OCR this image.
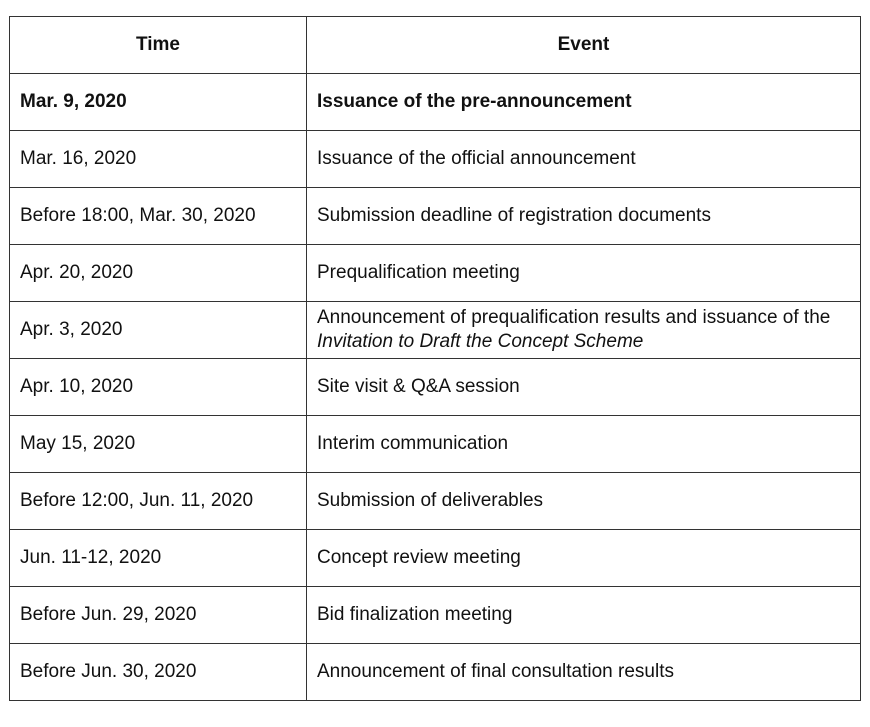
Time	Event
Mar. 9, 2020	Issuance of the pre-announcement
Mar. 16, 2020	Issuance of the official announcement
Before 18:00, Mar. 30, 2020	Submission deadline of registration documents
Apr. 20, 2020	Prequalification meeting
Apr. 3, 2020	Announcement of prequalification results and issuance of the Invitation to Draft the Concept Scheme
Apr. 10, 2020	Site visit & Q&A session
May 15, 2020	Interim communication
Before 12:00, Jun. 11, 2020	Submission of deliverables
Jun. 11-12, 2020	Concept review meeting
Before Jun. 29, 2020	Bid finalization meeting
Before Jun. 30, 2020	Announcement of final consultation results
